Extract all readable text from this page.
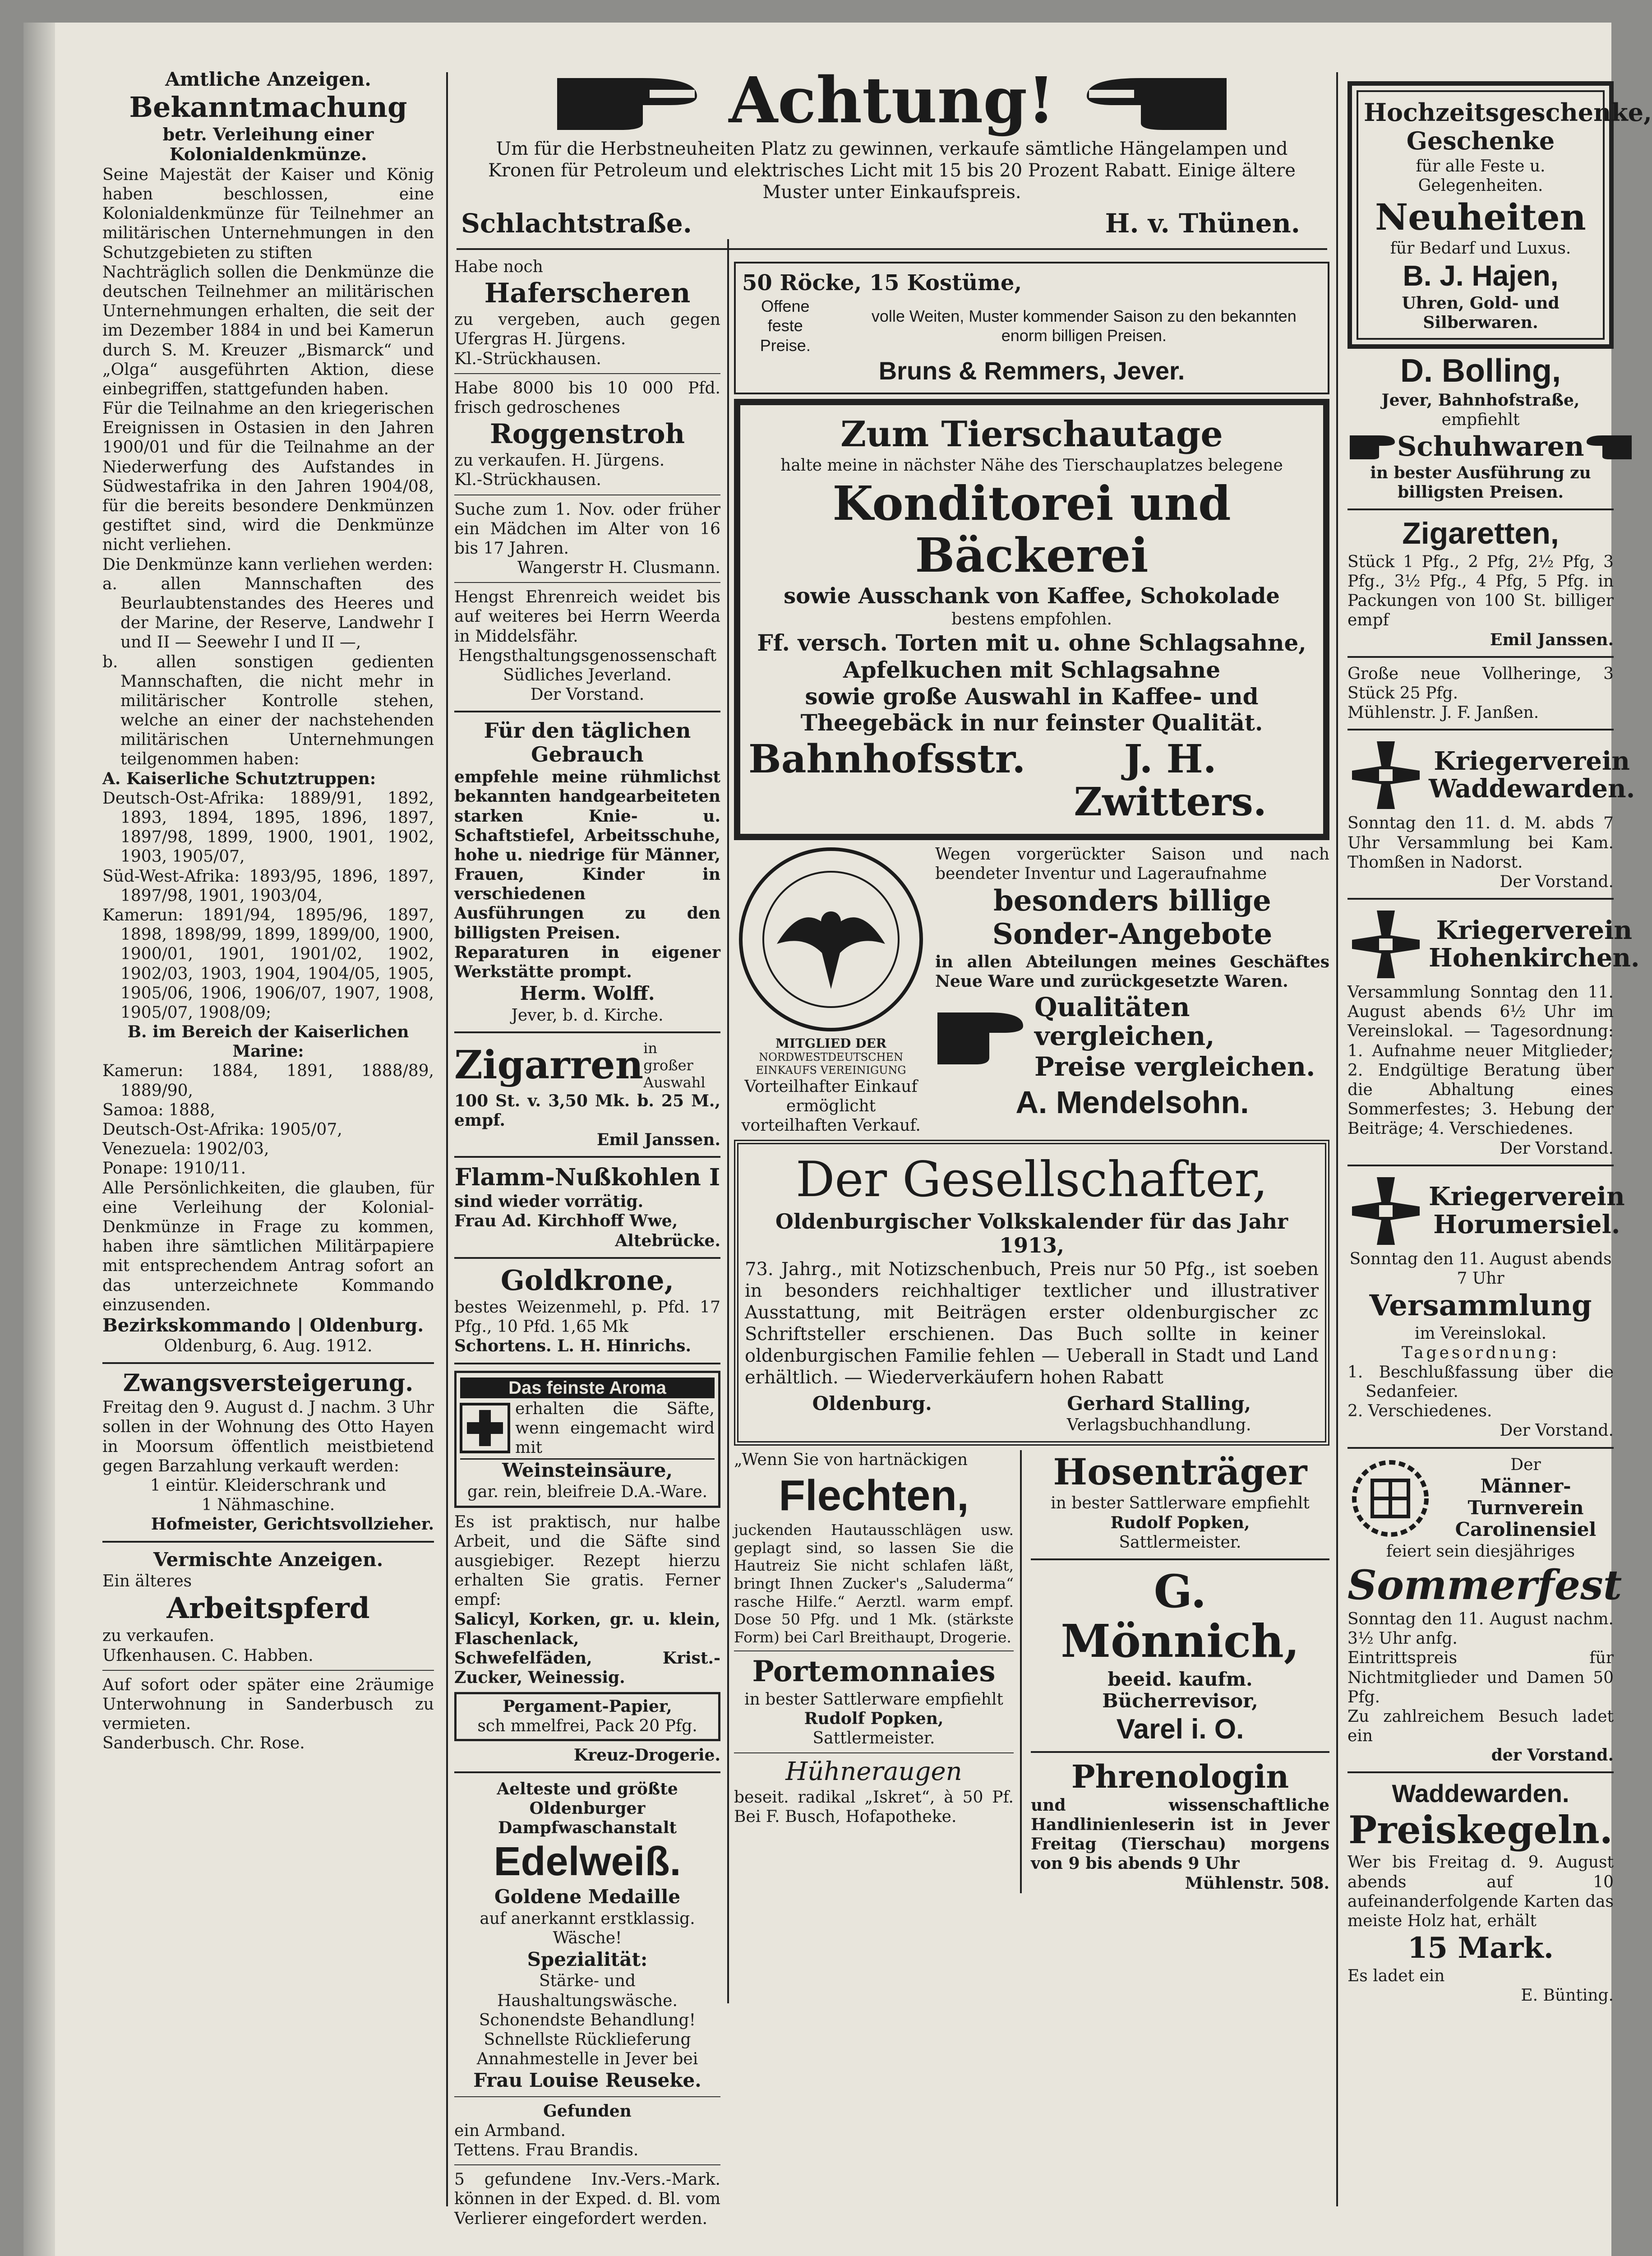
Achtung!

Um für die Herbstneuheiten Platz zu gewinnen, verkaufe sämtliche Hängelampen und Kronen für Petroleum und elektrisches Licht mit 15 bis 20 Prozent Rabatt. Einige ältere Muster unter Einkaufspreis.

Schlachtstraße.	H. v. Thünen.
Amtliche Anzeigen.
Bekanntmachung
betr. Verleihung einer Kolonialdenkmünze.

Seine Majestät der Kaiser und König haben beschlossen, eine Kolonialdenkmünze für Teilnehmer an militärischen Unternehmungen in den Schutzgebieten zu stiften

Nachträglich sollen die Denkmünze die deutschen Teilnehmer an militärischen Unternehmungen erhalten, die seit der im Dezember 1884 in und bei Kamerun durch S. M. Kreuzer „Bismarck“ und „Olga“ ausgeführten Aktion, diese einbegriffen, stattgefunden haben.

Für die Teilnahme an den kriegerischen Ereignissen in Ostasien in den Jahren 1900/01 und für die Teilnahme an der Niederwerfung des Aufstandes in Südwestafrika in den Jahren 1904/08, für die bereits besondere Denkmünzen gestiftet sind, wird die Denkmünze nicht verliehen.

Die Denkmünze kann verliehen werden:

a. allen Mannschaften des Beurlaubtenstandes des Heeres und der Marine, der Reserve, Landwehr I und II — Seewehr I und II —,

b. allen sonstigen gedienten Mannschaften, die nicht mehr in militärischer Kontrolle stehen, welche an einer der nachstehenden militärischen Unternehmungen teilgenommen haben:

A. Kaiserliche Schutztruppen:

Deutsch-Ost-Afrika: 1889/91, 1892, 1893, 1894, 1895, 1896, 1897, 1897/98, 1899, 1900, 1901, 1902, 1903, 1905/07,

Süd-West-Afrika: 1893/95, 1896, 1897, 1897/98, 1901, 1903/04,

Kamerun: 1891/94, 1895/96, 1897, 1898, 1898/99, 1899, 1899/00, 1900, 1900/01, 1901, 1901/02, 1902, 1902/03, 1903, 1904, 1904/05, 1905, 1905/06, 1906, 1906/07, 1907, 1908, 1905/07, 1908/09;

B. im Bereich der Kaiserlichen Marine:

Kamerun: 1884, 1891, 1888/89, 1889/90,

Samoa: 1888,

Deutsch-Ost-Afrika: 1905/07,

Venezuela: 1902/03,

Ponape: 1910/11.

Alle Persönlichkeiten, die glauben, für eine Verleihung der Kolonial-Denkmünze in Frage zu kommen, haben ihre sämtlichen Militärpapiere mit entsprechendem Antrag sofort an das unterzeichnete Kommando einzusenden.

Bezirkskommando | Oldenburg.

Oldenburg, 6. Aug. 1912.

Zwangsversteigerung.

Freitag den 9. August d. J nachm. 3 Uhr sollen in der Wohnung des Otto Hayen in Moorsum öffentlich meistbietend gegen Barzahlung verkauft werden:

1 eintür. Kleiderschrank und

1 Nähmaschine.

Hofmeister, Gerichtsvollzieher.

Vermischte Anzeigen.

Ein älteres

Arbeitspferd

zu verkaufen.

Ufkenhausen. C. Habben.

Auf sofort oder später eine 2räumige Unterwohnung in Sanderbusch zu vermieten.

Sanderbusch. Chr. Rose.

Habe noch

Haferscheren

zu vergeben, auch gegen Ufergras H. Jürgens.

Kl.-Strückhausen.

Habe 8000 bis 10 000 Pfd. frisch gedroschenes

Roggenstroh

zu verkaufen. H. Jürgens.

Kl.-Strückhausen.

Suche zum 1. Nov. oder früher ein Mädchen im Alter von 16 bis 17 Jahren.

Wangerstr H. Clusmann.

Hengst Ehrenreich weidet bis auf weiteres bei Herrn Weerda in Middelsfähr.

Hengsthaltungsgenossenschaft Südliches Jeverland.

Der Vorstand.

Für den täglichen Gebrauch

empfehle meine rühmlichst bekannten handgearbeiteten starken Knie- u. Schaftstiefel, Arbeitsschuhe, hohe u. niedrige für Männer, Frauen, Kinder in verschiedenen Ausführungen zu den billigsten Preisen.

Reparaturen in eigener Werkstätte prompt.

Herm. Wolff.

Jever, b. d. Kirche.

Zigarren in großer Auswahl

100 St. v. 3,50 Mk. b. 25 M., empf.

Emil Janssen.

Flamm-Nußkohlen I

sind wieder vorrätig.

Frau Ad. Kirchhoff Wwe,

Altebrücke.

Goldkrone,

bestes Weizenmehl, p. Pfd. 17 Pfg., 10 Pfd. 1,65 Mk

Schortens. L. H. Hinrichs.

Das feinste Aroma

erhalten die Säfte, wenn eingemacht wird mit

Weinsteinsäure,

gar. rein, bleifreie D.A.-Ware.

Es ist praktisch, nur halbe Arbeit, und die Säfte sind ausgiebiger. Rezept hierzu erhalten Sie gratis. Ferner empf:

Salicyl, Korken, gr. u. klein, Flaschenlack, Schwefelfäden, Krist.-Zucker, Weinessig.

Pergament-Papier,

sch mmelfrei, Pack 20 Pfg.

Kreuz-Drogerie.

Aelteste und größte Oldenburger Dampfwaschanstalt

Edelweiß.
Goldene Medaille

auf anerkannt erstklassig. Wäsche!

Spezialität:

Stärke- und Haushaltungswäsche.

Schonendste Behandlung!

Schnellste Rücklieferung

Annahmestelle in Jever bei

Frau Louise Reuseke.

Gefunden

ein Armband.

Tettens. Frau Brandis.

5 gefundene Inv.-Vers.-Mark. können in der Exped. d. Bl. vom Verlierer eingefordert werden.

50 Röcke, 15 Kostüme,

Offene feste Preise.

volle Weiten, Muster kommender Saison zu den bekannten enorm billigen Preisen.

Bruns & Remmers, Jever.
Zum Tierschautage

halte meine in nächster Nähe des Tierschauplatzes belegene

Konditorei und Bäckerei
sowie Ausschank von Kaffee, Schokolade

bestens empfohlen.

Ff. versch. Torten mit u. ohne Schlagsahne,
Apfelkuchen mit Schlagsahne
sowie große Auswahl in Kaffee- und Theegebäck in nur feinster Qualität.
Bahnhofsstr.	J. H. Zwitters.

MITGLIED DER

NORDWESTDEUTSCHEN EINKAUFS VEREINIGUNG

Vorteilhafter Einkauf ermöglicht vorteilhaften Verkauf.

Wegen vorgerückter Saison und nach beendeter Inventur und Lageraufnahme

besonders billige
Sonder-Angebote

in allen Abteilungen meines Geschäftes Neue Ware und zurückgesetzte Waren.

Qualitäten vergleichen,
Preise vergleichen.
A. Mendelsohn.
Der Gesellschafter,
Oldenburgischer Volkskalender für das Jahr 1913,

73. Jahrg., mit Notizschenbuch, Preis nur 50 Pfg., ist soeben in besonders reichhaltiger textlicher und illustrativer Ausstattung, mit Beiträgen erster oldenburgischer zc Schriftsteller erschienen. Das Buch sollte in keiner oldenburgischen Familie fehlen — Ueberall in Stadt und Land erhältlich. — Wiederverkäufern hohen Rabatt

Oldenburg.	Gerhard Stalling,
Verlagsbuchhandlung.

„Wenn Sie von hartnäckigen

Flechten,

juckenden Hautausschlägen usw. geplagt sind, so lassen Sie die Hautreiz Sie nicht schlafen läßt, bringt Ihnen Zucker's „Saluderma“ rasche Hilfe.“ Aerztl. warm empf. Dose 50 Pfg. und 1 Mk. (stärkste Form) bei Carl Breithaupt, Drogerie.

Portemonnaies

in bester Sattlerware empfiehlt

Rudolf Popken,

Sattlermeister.

Hühneraugen

beseit. radikal „Iskret“, à 50 Pf. Bei F. Busch, Hofapotheke.

Hosenträger

in bester Sattlerware empfiehlt

Rudolf Popken,

Sattlermeister.

G. Mönnich,
beeid. kaufm. Bücherrevisor,
Varel i. O.
Phrenologin

und wissenschaftliche Handlinienleserin ist in Jever Freitag (Tierschau) morgens von 9 bis abends 9 Uhr

Mühlenstr. 508.

Hochzeitsgeschenke,
Geschenke

für alle Feste u. Gelegenheiten.

Neuheiten

für Bedarf und Luxus.

B. J. Hajen,

Uhren, Gold- und Silberwaren.

D. Bolling,

Jever, Bahnhofstraße,

empfiehlt

Schuhwaren

in bester Ausführung zu billigsten Preisen.

Zigaretten,

Stück 1 Pfg., 2 Pfg, 2½ Pfg, 3 Pfg., 3½ Pfg., 4 Pfg, 5 Pfg. in Packungen von 100 St. billiger empf

Emil Janssen.

Große neue Vollheringe, 3 Stück 25 Pfg.

Mühlenstr. J. F. Janßen.

Kriegerverein Waddewarden.

Sonntag den 11. d. M. abds 7 Uhr Versammlung bei Kam. Thomßen in Nadorst.

Der Vorstand.

Kriegerverein Hohenkirchen.

Versammlung Sonntag den 11. August abends 6½ Uhr im Vereinslokal. — Tagesordnung: 1. Aufnahme neuer Mitglieder; 2. Endgültige Beratung über die Abhaltung eines Sommerfestes; 3. Hebung der Beiträge; 4. Verschiedenes.

Der Vorstand.

Kriegerverein Horumersiel.

Sonntag den 11. August abends 7 Uhr

Versammlung

im Vereinslokal.

Tagesordnung:

1. Beschlußfassung über die Sedanfeier.

2. Verschiedenes.

Der Vorstand.

Der

Männer-Turnverein Carolinensiel

feiert sein diesjähriges

Sommerfest

Sonntag den 11. August nachm. 3½ Uhr anfg.

Eintrittspreis für Nichtmitglieder und Damen 50 Pfg.

Zu zahlreichem Besuch ladet ein

der Vorstand.

Waddewarden.
Preiskegeln.

Wer bis Freitag d. 9. August abends auf 10 aufeinanderfolgende Karten das meiste Holz hat, erhält

15 Mark.

Es ladet ein

E. Bünting.
